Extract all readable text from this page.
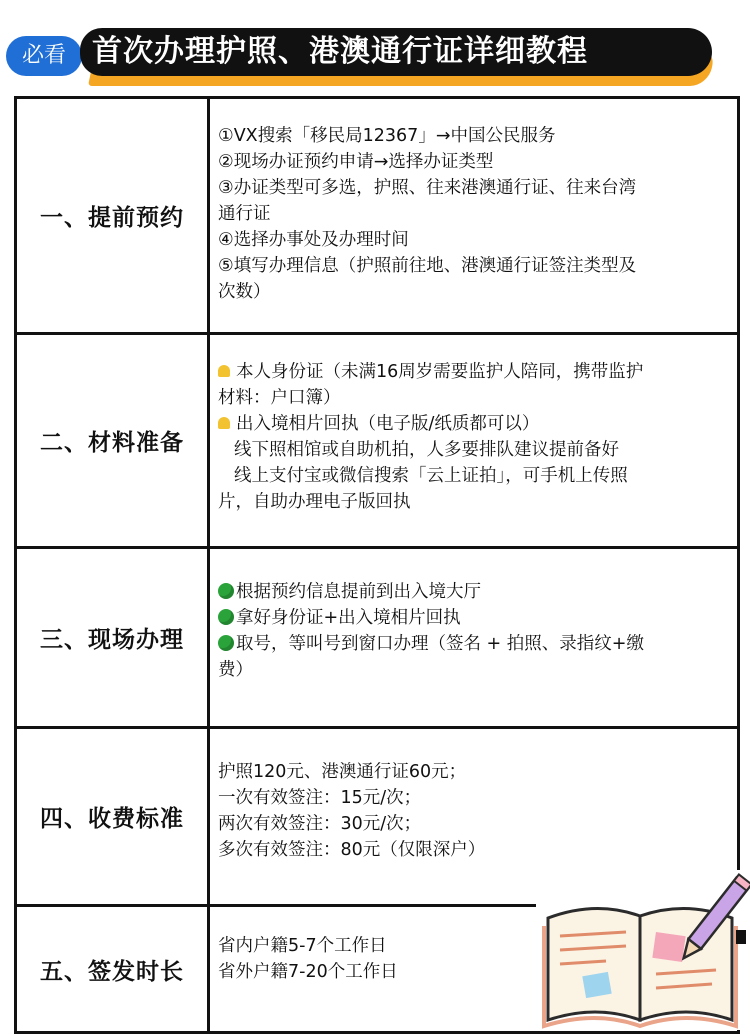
必看 首次办理护照、港澳通行证详细教程
一、提前预约
①VX搜索「移民局12367」→中国公民服务
②现场办证预约申请→选择办证类型
③办证类型可多选，护照、往来港澳通行证、往来台湾
通行证
④选择办事处及办理时间
⑤填写办理信息（护照前往地、港澳通行证签注类型及
次数）
二、材料准备
本人身份证（未满16周岁需要监护人陪同，携带监护
材料：户口簿）
出入境相片回执（电子版/纸质都可以）
线下照相馆或自助机拍，人多要排队建议提前备好
线上支付宝或微信搜索「云上证拍」，可手机上传照
片，自助办理电子版回执
三、现场办理
根据预约信息提前到出入境大厅
拿好身份证+出入境相片回执
取号，等叫号到窗口办理（签名 + 拍照、录指纹+缴
费）
四、收费标准
护照120元、港澳通行证60元；
一次有效签注：15元/次；
两次有效签注：30元/次；
多次有效签注：80元（仅限深户）
五、签发时长
省内户籍5-7个工作日
省外户籍7-20个工作日
